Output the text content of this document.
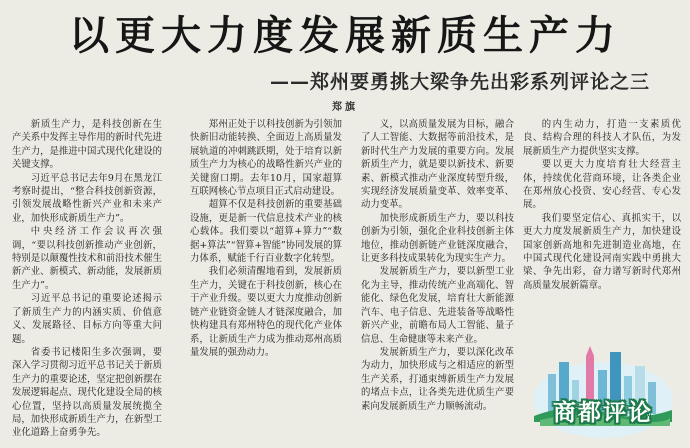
以更大力度发展新质生产力
——郑州要勇挑大梁争先出彩系列评论之三
郑旗

新质生产力，是科技创新在生产关系中发挥主导作用的新时代先进生产力，是推进中国式现代化建设的关键支撑。

习近平总书记去年9月在黑龙江考察时提出，“整合科技创新资源，引领发展战略性新兴产业和未来产业，加快形成新质生产力”。

中央经济工作会议再次强调，“要以科技创新推动产业创新，特别是以颠覆性技术和前沿技术催生新产业、新模式、新动能，发展新质生产力”。

习近平总书记的重要论述揭示了新质生产力的内涵实质、价值意义、发展路径、目标方向等重大问题。

省委书记楼阳生多次强调，要深入学习贯彻习近平总书记关于新质生产力的重要论述，坚定把创新摆在发展逻辑起点、现代化建设全局的核心位置，坚持以高质量发展统揽全局，加快形成新质生产力，在新型工业化道路上奋勇争先。

郑州正处于以科技创新为引领加快新旧动能转换、全面迈上高质量发展轨道的冲刺跳跃期，处于培育以新质生产力为核心的战略性新兴产业的关键窗口期。去年10月，国家超算互联网核心节点项目正式启动建设。

超算不仅是科技创新的重要基础设施，更是新一代信息技术产业的核心载体。我们要以“超算+算力”“数据+算法”“智算+智能”协同发展的算力体系，赋能千行百业数字化转型。

我们必须清醒地看到，发展新质生产力，关键在于科技创新，核心在于产业升级。要以更大力度推动创新链产业链资金链人才链深度融合，加快构建具有郑州特色的现代化产业体系，让新质生产力成为推动郑州高质量发展的强劲动力。

义，以高质量发展为目标，融合了人工智能、大数据等前沿技术，是新时代生产力发展的重要方向。发展新质生产力，就是要以新技术、新要素、新模式推动产业深度转型升级，实现经济发展质量变革、效率变革、动力变革。

加快形成新质生产力，要以科技创新为引领，强化企业科技创新主体地位，推动创新链产业链深度融合，让更多科技成果转化为现实生产力。

发展新质生产力，要以新型工业化为主导，推动传统产业高端化、智能化、绿色化发展，培育壮大新能源汽车、电子信息、先进装备等战略性新兴产业，前瞻布局人工智能、量子信息、生命健康等未来产业。

发展新质生产力，要以深化改革为动力，加快形成与之相适应的新型生产关系，打通束缚新质生产力发展的堵点卡点，让各类先进优质生产要素向发展新质生产力顺畅流动。

的内生动力，打造一支素质优良、结构合理的科技人才队伍，为发展新质生产力提供坚实支撑。

要以更大力度培育壮大经营主体，持续优化营商环境，让各类企业在郑州放心投资、安心经营、专心发展。

我们要坚定信心、真抓实干，以更大力度发展新质生产力，加快建设国家创新高地和先进制造业高地，在中国式现代化建设河南实践中勇挑大梁、争先出彩，奋力谱写新时代郑州高质量发展新篇章。

商都评论
